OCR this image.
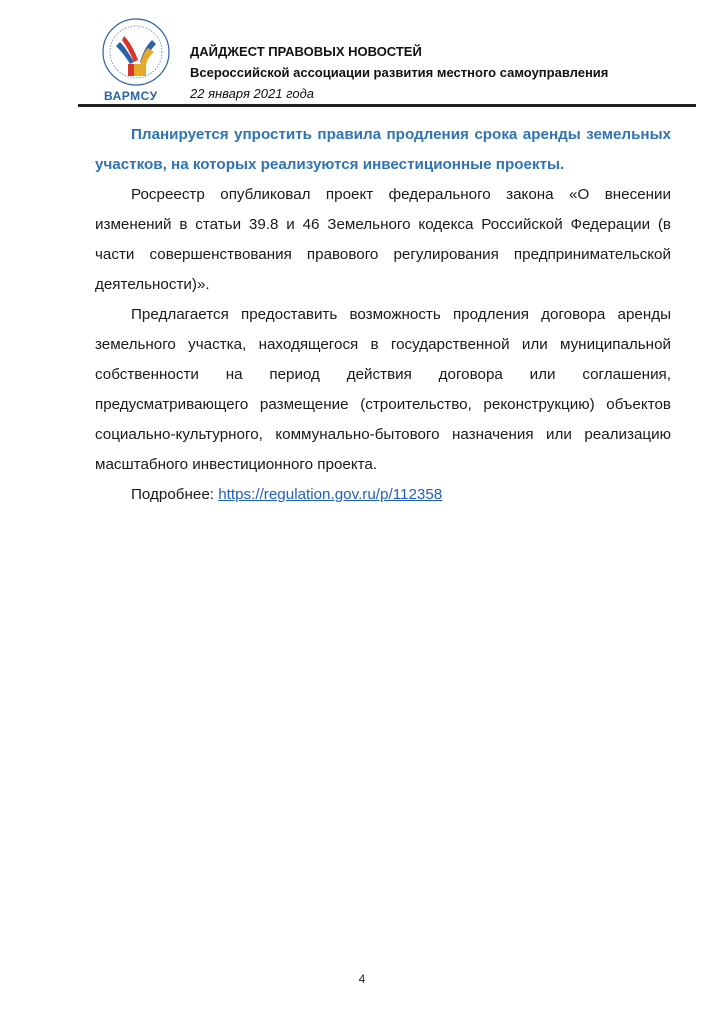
ВАРМСУ
ДАЙДЖЕСТ ПРАВОВЫХ НОВОСТЕЙ
Всероссийской ассоциации развития местного самоуправления
22 января 2021 года

Планируется упростить правила продления срока аренды земельных участков, на которых реализуются инвестиционные проекты.

Росреестр опубликовал проект федерального закона «О внесении изменений в статьи 39.8 и 46 Земельного кодекса Российской Федерации (в части совершенствования правового регулирования предпринимательской деятельности)».

Предлагается предоставить возможность продления договора аренды земельного участка, находящегося в государственной или муниципальной собственности на период действия договора или соглашения, предусматривающего размещение (строительство, реконструкцию) объектов социально-культурного, коммунально-бытового назначения или реализацию масштабного инвестиционного проекта.

Подробнее: https://regulation.gov.ru/p/112358

4
